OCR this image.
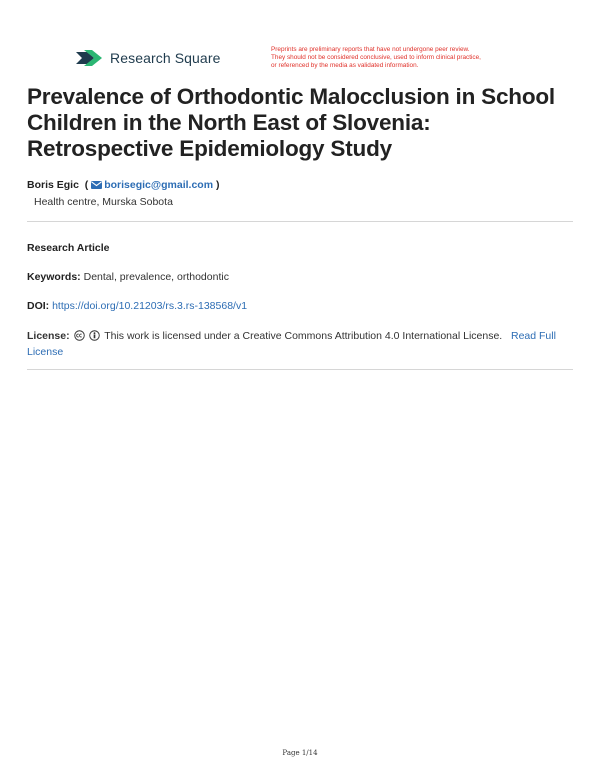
Research Square
Preprints are preliminary reports that have not undergone peer review.
They should not be considered conclusive, used to inform clinical practice,
or referenced by the media as validated information.
Prevalence of Orthodontic Malocclusion in School Children in the North East of Slovenia: Retrospective Epidemiology Study
Boris Egic  ( borisegic@gmail.com )
Health centre, Murska Sobota
Research Article
Keywords: Dental, prevalence, orthodontic
DOI: https://doi.org/10.21203/rs.3.rs-138568/v1
License:	This work is licensed under a Creative Commons Attribution 4.0 International License. Read Full License
Page 1/14
